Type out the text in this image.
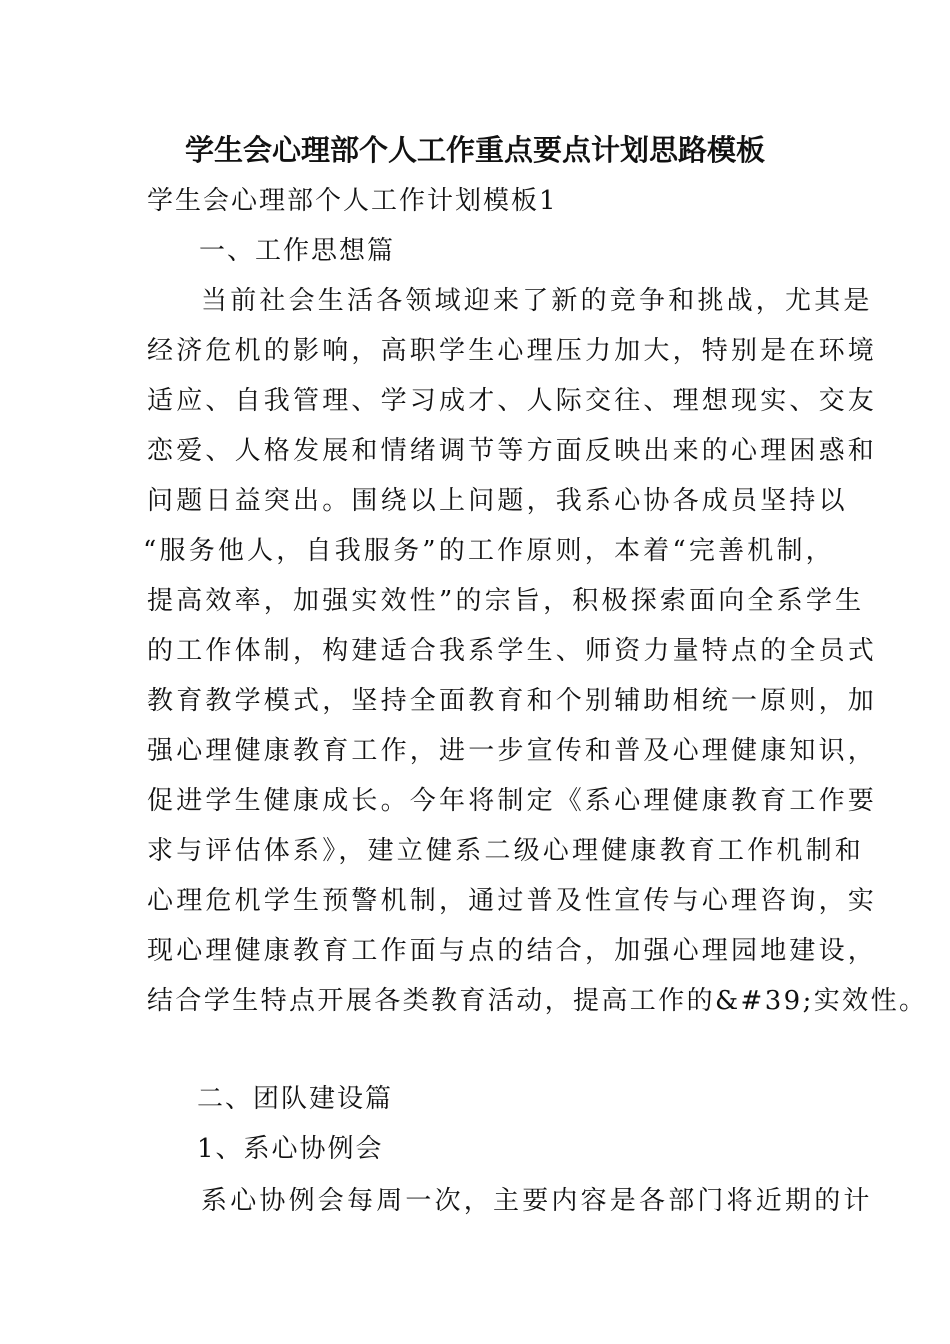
学生会心理部个人工作重点要点计划思路模板
学生会心理部个人工作计划模板1
一、工作思想篇
当前社会生活各领域迎来了新的竞争和挑战，尤其是
经济危机的影响，高职学生心理压力加大，特别是在环境
适应、自我管理、学习成才、人际交往、理想现实、交友
恋爱、人格发展和情绪调节等方面反映出来的心理困惑和
问题日益突出。围绕以上问题，我系心协各成员坚持以
“服务他人，自我服务”的工作原则，本着“完善机制，
提高效率，加强实效性”的宗旨，积极探索面向全系学生
的工作体制，构建适合我系学生、师资力量特点的全员式
教育教学模式，坚持全面教育和个别辅助相统一原则，加
强心理健康教育工作，进一步宣传和普及心理健康知识，
促进学生健康成长。今年将制定《系心理健康教育工作要
求与评估体系》，建立健系二级心理健康教育工作机制和
心理危机学生预警机制，通过普及性宣传与心理咨询，实
现心理健康教育工作面与点的结合，加强心理园地建设，
结合学生特点开展各类教育活动，提高工作的&#39;实效性。
二、团队建设篇
1、系心协例会
系心协例会每周一次，主要内容是各部门将近期的计
